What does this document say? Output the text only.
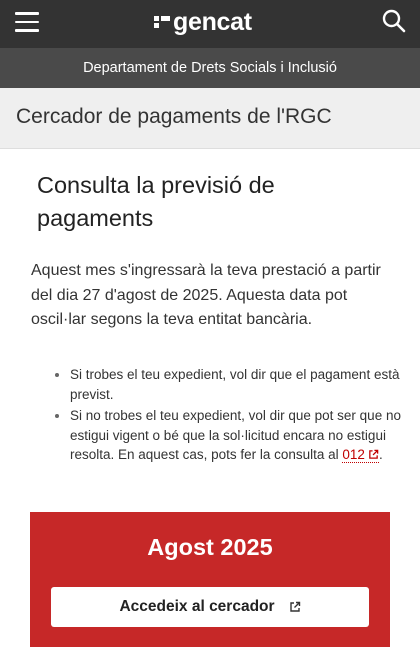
gencat
Departament de Drets Socials i Inclusió
Cercador de pagaments de l'RGC
Consulta la previsió de pagaments

Aquest mes s'ingressarà la teva prestació a partir del dia 27 d'agost de 2025. Aquesta data pot oscil·lar segons la teva entitat bancària.

• Si trobes el teu expedient, vol dir que el pagament està previst.
• Si no trobes el teu expedient, vol dir que pot ser que no estigui vigent o bé que la sol·licitud encara no estigui resolta. En aquest cas, pots fer la consulta al 012 .
Agost 2025
Accedeix al cercador
